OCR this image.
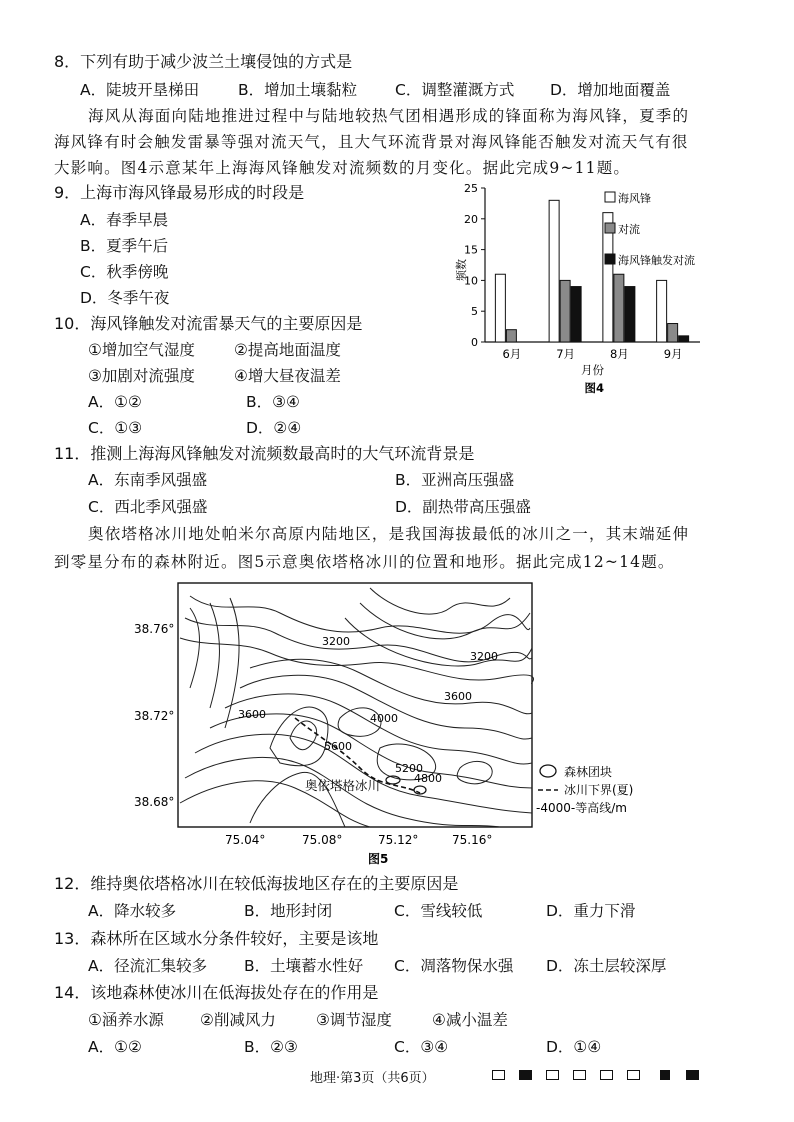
8．下列有助于减少波兰土壤侵蚀的方式是
A．陡坡开垦梯田	B．增加土壤黏粒 C．调整灌溉方式 D．增加地面覆盖
海风从海面向陆地推进过程中与陆地较热气团相遇形成的锋面称为海风锋，夏季的
海风锋有时会触发雷暴等强对流天气，且大气环流背景对海风锋能否触发对流天气有很
大影响。图4示意某年上海海风锋触发对流频数的月变化。据此完成9~11题。
9．上海市海风锋最易形成的时段是
A．春季早晨
B．夏季午后
C．秋季傍晚
D．冬季午夜
10．海风锋触发对流雷暴天气的主要原因是
①增加空气湿度	②提高地面温度
③加剧对流强度	④增大昼夜温差
A．①②	B．③④
C．①③	D．②④
0
5
10
15
20
25
频数
6月	7月	8月	9月
月份
图4
海风锋
对流
海风锋触发对流
11．推测上海海风锋触发对流频数最高时的大气环流背景是
A．东南季风强盛	B．亚洲高压强盛
C．西北季风强盛	D．副热带高压强盛
奥依塔格冰川地处帕米尔高原内陆地区，是我国海拔最低的冰川之一，其末端延伸
到零星分布的森林附近。图5示意奥依塔格冰川的位置和地形。据此完成12~14题。
3200
3200
3600
3600	4000
5600
5200
4800
奥依塔格冰川
38.76°
38.72°
38.68°
75.04°	75.08°	75.12°	75.16°
图5
森林团块
冰川下界(夏)
-4000-等高线/m
12．维持奥依塔格冰川在较低海拔地区存在的主要原因是
A．降水较多	B．地形封闭	C．雪线较低	D．重力下滑
13．森林所在区域水分条件较好，主要是该地
A．径流汇集较多 B．土壤蓄水性好 C．凋落物保水强 D．冻土层较深厚
14．该地森林使冰川在低海拔处存在的作用是
①涵养水源 ②削减风力	③调节湿度	④减小温差
A．①②	B．②③	C．③④	D．①④
地理·第3页（共6页）
